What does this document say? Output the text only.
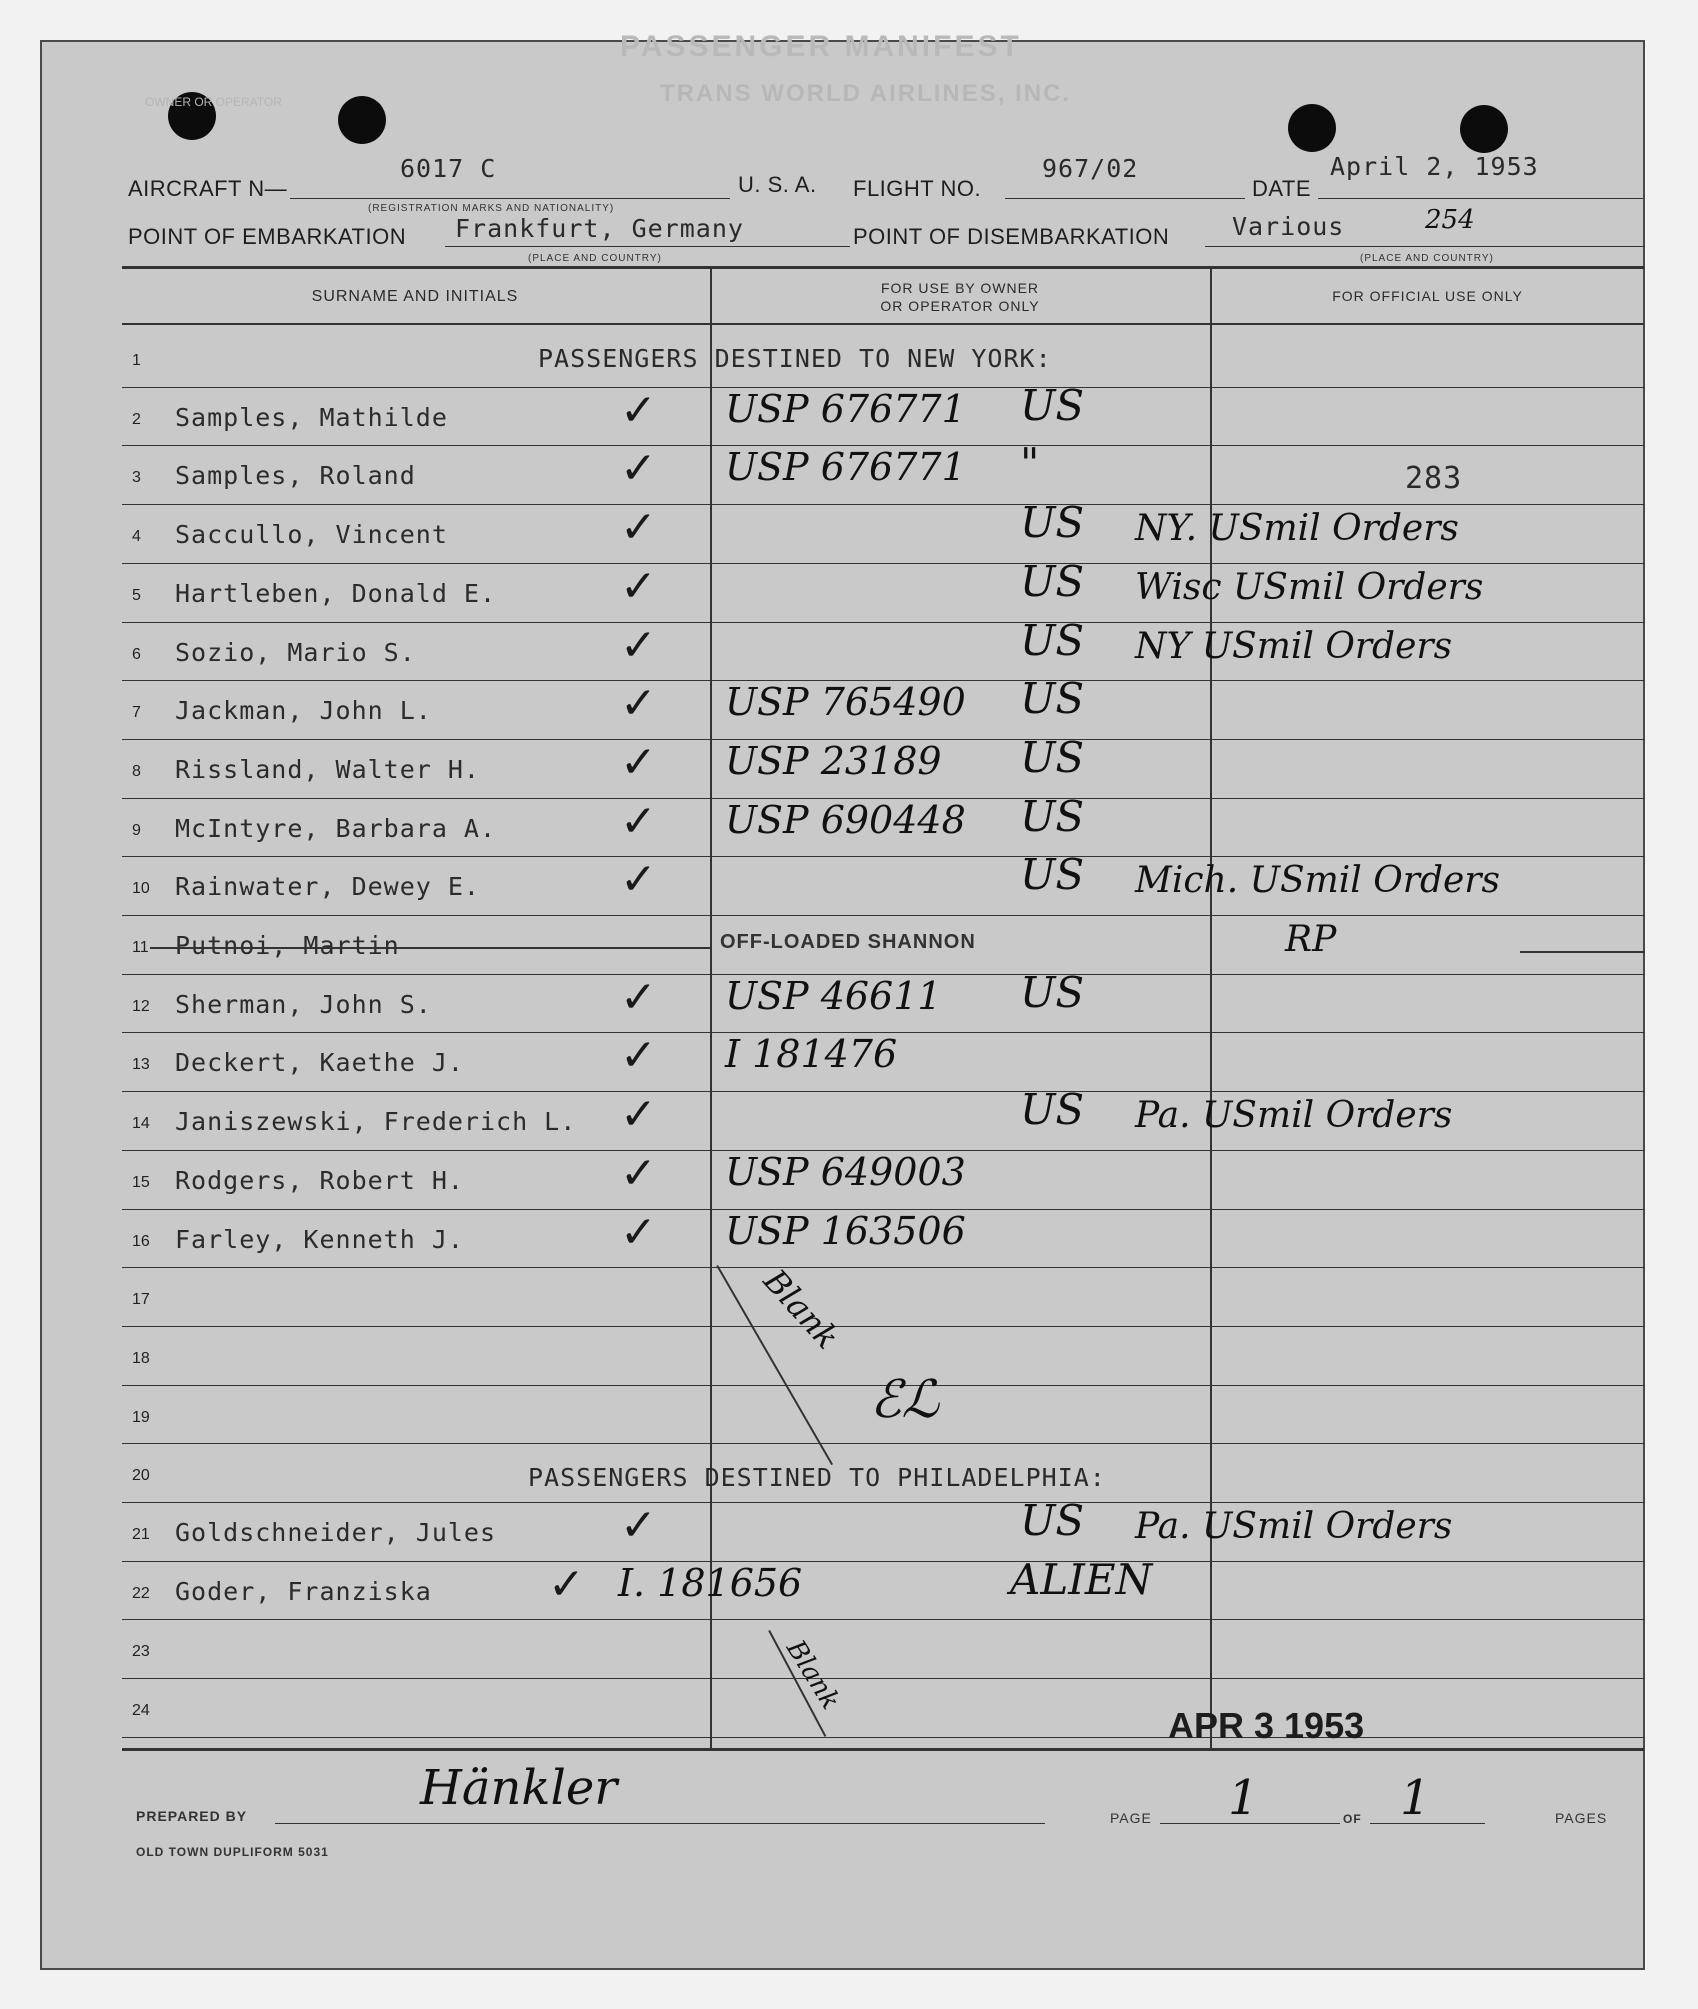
PASSENGER MANIFEST
TRANS WORLD AIRLINES, INC.
OWNER OR OPERATOR
AIRCRAFT N—
6017 C
(REGISTRATION MARKS AND NATIONALITY)
U. S. A. FLIGHT NO.
967/02
DATE
April 2, 1953
POINT OF EMBARKATION Frankfurt, Germany
(PLACE AND COUNTRY)
POINT OF DISEMBARKATION	Various	254
(PLACE AND COUNTRY)
SURNAME AND INITIALS	FOR USE BY OWNER
OR OPERATOR ONLY
FOR OFFICIAL USE ONLY
1
2 Samples, Mathilde	✓ USP 676771 US
3 Samples, Roland	✓ USP 676771 "	283
4 Saccullo, Vincent	✓	US NY. USmil Orders
5 Hartleben, Donald E.	✓	US Wisc USmil Orders
6 Sozio, Mario S.	✓	US NY USmil Orders
7 Jackman, John L.	✓ USP 765490 US
8 Rissland, Walter H.	✓ USP 23189 US
9 McIntyre, Barbara A.	✓ USP 690448 US
10 Rainwater, Dewey E.	✓	US Mich. USmil Orders
11 Putnoi, Martin	OFF-LOADED SHANNON	RP
12 Sherman, John S.	✓ USP 46611 US
13 Deckert, Kaethe J.	✓ I 181476
14 Janiszewski, Frederich L. ✓	US Pa. USmil Orders
15 Rodgers, Robert H.	✓ USP 649003
16 Farley, Kenneth J.	✓ USP 163506
17
18
19
20
21 Goldschneider, Jules	✓	US Pa. USmil Orders
22 Goder, Franziska	✓ I. 181656	ALIEN
23
24
PASSENGERS DESTINED TO NEW YORK:
PASSENGERS DESTINED TO PHILADELPHIA:
Blank
ℰℒ
Blank
APR 3 1953
PREPARED BY	Hänkler
PAGE 1	OF 1	PAGES
OLD TOWN DUPLIFORM 5031
